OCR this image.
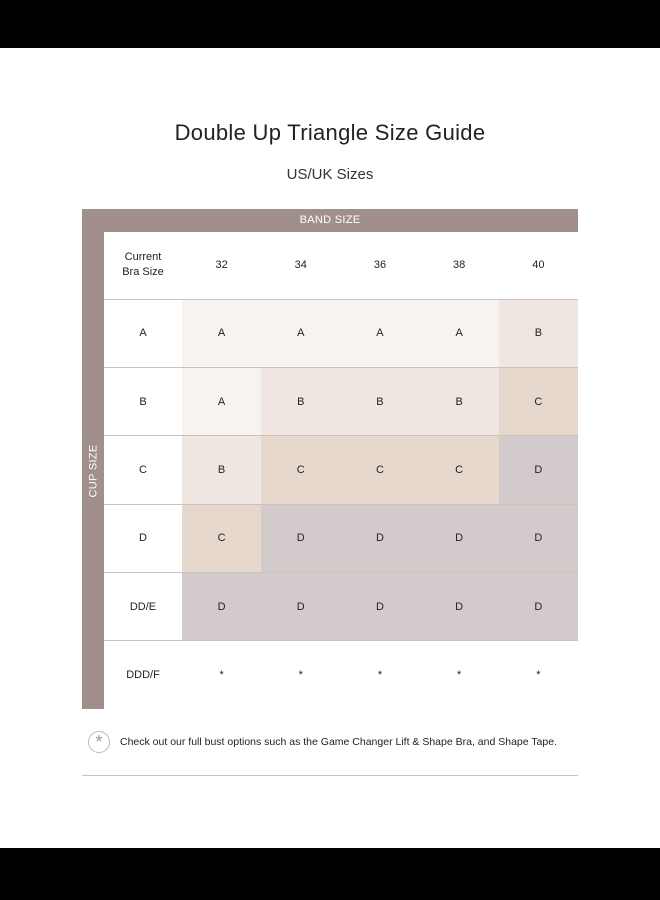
Double Up Triangle Size Guide
US/UK Sizes
BAND SIZE
CUP SIZE
Current
Bra Size	32	34	36	38	40
A	A	A	A	A	B
B	A	B	B	B	C
C	B	C	C	C	D
D	C	D	D	D	D
DD/E	D	D	D	D	D
DDD/F	*	*	*	*	*
*	Check out our full bust options such as the Game Changer Lift & Shape Bra, and Shape Tape.
